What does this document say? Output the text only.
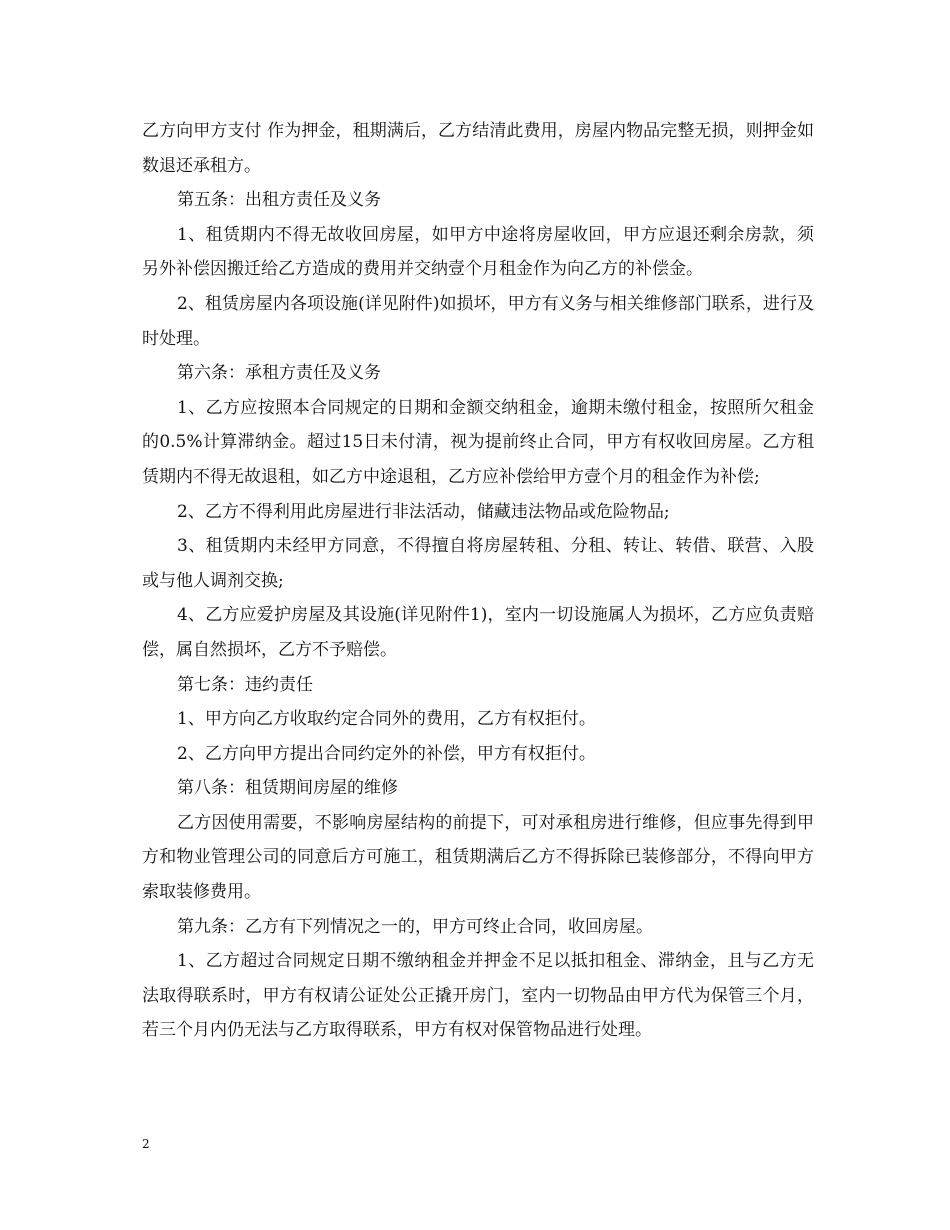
乙方向甲方支付 作为押金，租期满后，乙方结清此费用，房屋内物品完整无损，则押金如数退还承租方。

第五条：出租方责任及义务

1、租赁期内不得无故收回房屋，如甲方中途将房屋收回，甲方应退还剩余房款，须另外补偿因搬迁给乙方造成的费用并交纳壹个月租金作为向乙方的补偿金。

2、租赁房屋内各项设施(详见附件)如损坏，甲方有义务与相关维修部门联系，进行及时处理。

第六条：承租方责任及义务

1、乙方应按照本合同规定的日期和金额交纳租金，逾期未缴付租金，按照所欠租金的0.5%计算滞纳金。超过15日未付清，视为提前终止合同，甲方有权收回房屋。乙方租赁期内不得无故退租，如乙方中途退租，乙方应补偿给甲方壹个月的租金作为补偿;

2、乙方不得利用此房屋进行非法活动，储藏违法物品或危险物品;

3、租赁期内未经甲方同意，不得擅自将房屋转租、分租、转让、转借、联营、入股或与他人调剂交换;

4、乙方应爱护房屋及其设施(详见附件1)，室内一切设施属人为损坏，乙方应负责赔偿，属自然损坏，乙方不予赔偿。

第七条：违约责任

1、甲方向乙方收取约定合同外的费用，乙方有权拒付。

2、乙方向甲方提出合同约定外的补偿，甲方有权拒付。

第八条：租赁期间房屋的维修

乙方因使用需要，不影响房屋结构的前提下，可对承租房进行维修，但应事先得到甲方和物业管理公司的同意后方可施工，租赁期满后乙方不得拆除已装修部分，不得向甲方索取装修费用。

第九条：乙方有下列情况之一的，甲方可终止合同，收回房屋。

1、乙方超过合同规定日期不缴纳租金并押金不足以抵扣租金、滞纳金，且与乙方无法取得联系时，甲方有权请公证处公正撬开房门，室内一切物品由甲方代为保管三个月，若三个月内仍无法与乙方取得联系，甲方有权对保管物品进行处理。

2
